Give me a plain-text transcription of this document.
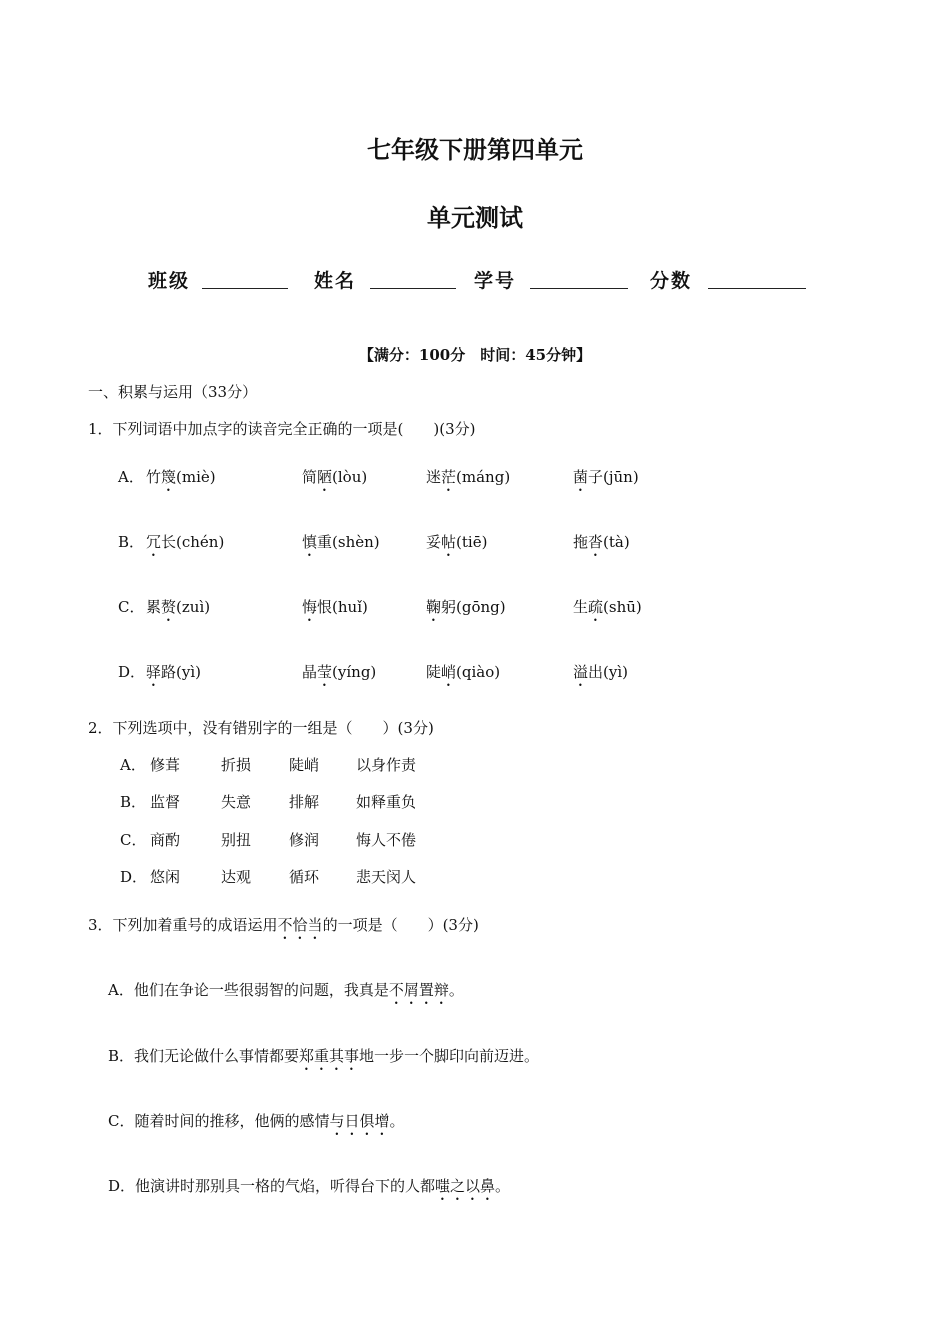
七年级下册第四单元
单元测试
班级	姓名	学号	分数
【满分：100分　时间：45分钟】
一、积累与运用（33分）
1．下列词语中加点字的读音完全正确的一项是(　　)(3分)
A． 竹篾(miè)	简陋(lòu)	迷茫(máng)	菌子(jūn)
B． 冗长(chén)	慎重(shèn)	妥帖(tiē)	拖沓(tà)
C． 累赘(zuì)	悔恨(huǐ)	鞠躬(gōng)	生疏(shū)
D． 驿路(yì)	晶莹(yíng)	陡峭(qiào)	溢出(yì)
2．下列选项中，没有错别字的一组是（　　）(3分)
A． 修葺	折损	陡峭 以身作责
B． 监督	失意	排解 如释重负
C． 商酌	别扭	修润 悔人不倦
D． 悠闲	达观	循环 悲天闵人
3．下列加着重号的成语运用不恰当的一项是（　　）(3分)
A．他们在争论一些很弱智的问题，我真是不屑置辩。
B．我们无论做什么事情都要郑重其事地一步一个脚印向前迈进。
C．随着时间的推移，他俩的感情与日俱增。
D．他演讲时那别具一格的气焰，听得台下的人都嗤之以鼻。
